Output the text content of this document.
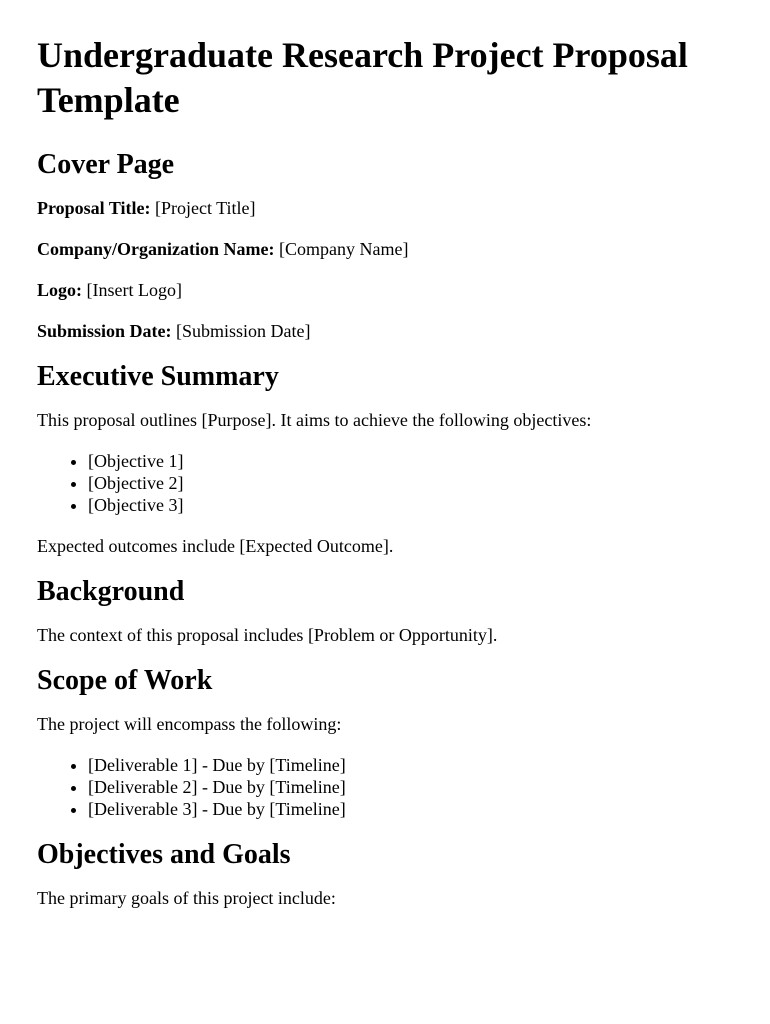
Undergraduate Research Project Proposal Template
Cover Page

Proposal Title: [Project Title]

Company/Organization Name: [Company Name]

Logo: [Insert Logo]

Submission Date: [Submission Date]

Executive Summary

This proposal outlines [Purpose]. It aims to achieve the following objectives:

• [Objective 1]
• [Objective 2]
• [Objective 3]

Expected outcomes include [Expected Outcome].

Background

The context of this proposal includes [Problem or Opportunity].

Scope of Work

The project will encompass the following:

• [Deliverable 1] - Due by [Timeline]
• [Deliverable 2] - Due by [Timeline]
• [Deliverable 3] - Due by [Timeline]
Objectives and Goals

The primary goals of this project include:
